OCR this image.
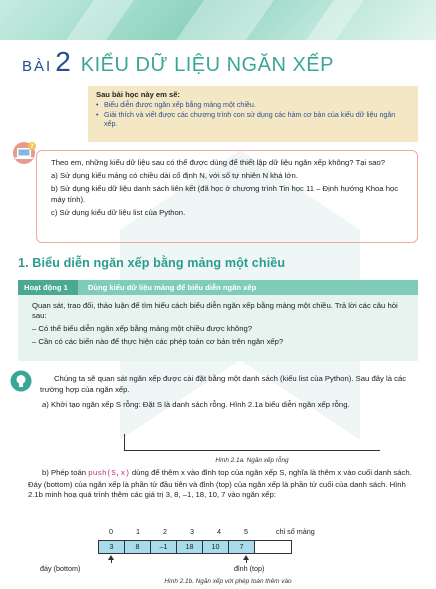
BÀI 2 KIỂU DỮ LIỆU NGĂN XẾP
Sau bài học này em sẽ:
• Biểu diễn được ngăn xếp bằng mảng một chiều.
• Giải thích và viết được các chương trình con sử dụng các hàm cơ bản của kiểu dữ liệu ngăn xếp.
?

Theo em, những kiểu dữ liệu sau có thể được dùng để thiết lập dữ liệu ngăn xếp không? Tại sao?

a) Sử dụng kiểu mảng có chiều dài cố định N, với số tự nhiên N khá lớn.

b) Sử dụng kiểu dữ liệu danh sách liên kết (đã học ở chương trình Tin học 11 – Định hướng Khoa học máy tính).

c) Sử dụng kiểu dữ liệu list của Python.

1. Biểu diễn ngăn xếp bằng mảng một chiều
Hoạt động 1	Dùng kiểu dữ liệu mảng để biểu diễn ngăn xếp

Quan sát, trao đổi, thảo luận để tìm hiểu cách biểu diễn ngăn xếp bằng mảng một chiều. Trả lời các câu hỏi sau:

– Có thể biểu diễn ngăn xếp bằng mảng một chiều được không?

– Cần có các biến nào để thực hiện các phép toán cơ bản trên ngăn xếp?

Chúng ta sẽ quan sát ngăn xếp được cài đặt bằng một danh sách (kiểu list của Python). Sau đây là các trường hợp của ngăn xếp.

a) Khởi tạo ngăn xếp S rỗng: Đặt S là danh sách rỗng. Hình 2.1a biểu diễn ngăn xếp rỗng.

Hình 2.1a. Ngăn xếp rỗng

b) Phép toán push(S,x) dùng để thêm x vào đỉnh top của ngăn xếp S, nghĩa là thêm x vào cuối danh sách. Đáy (bottom) của ngăn xếp là phần tử đầu tiên và đỉnh (top) của ngăn xếp là phần tử cuối của danh sách. Hình 2.1b minh hoạ quá trình thêm các giá trị 3, 8, –1, 18, 10, 7 vào ngăn xếp:

0	1	2	3	4	5	chỉ số mảng
3	8	–1	18	10	7
đáy (bottom)	đỉnh (top)
Hình 2.1b. Ngăn xếp với phép toán thêm vào
